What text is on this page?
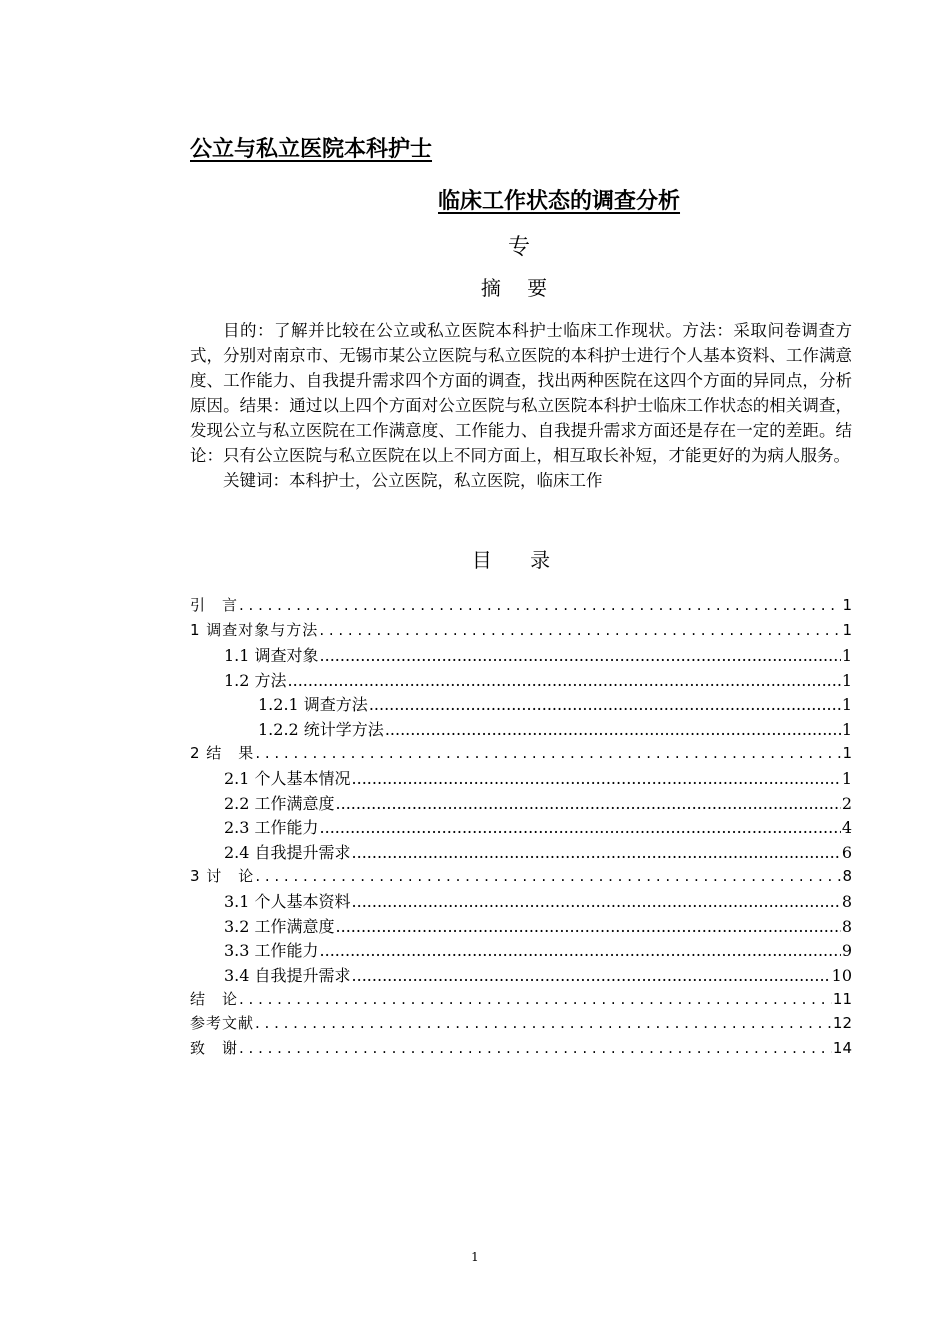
公立与私立医院本科护士
临床工作状态的调查分析
专
摘 要

目的：了解并比较在公立或私立医院本科护士临床工作现状。方法：采取问卷调查方式，分别对南京市、无锡市某公立医院与私立医院的本科护士进行个人基本资料、工作满意度、工作能力、自我提升需求四个方面的调查，找出两种医院在这四个方面的异同点，分析原因。结果：通过以上四个方面对公立医院与私立医院本科护士临床工作状态的相关调查，发现公立与私立医院在工作满意度、工作能力、自我提升需求方面还是存在一定的差距。结论：只有公立医院与私立医院在以上不同方面上，相互取长补短，才能更好的为病人服务。

关键词：本科护士，公立医院，私立医院，临床工作

目 录
引　言 . . .	1
1 调查对象与方法 . . .	1
1.1 调查对象 .....	1
1.2 方法 .....	1
1.2.1 调查方法 .....	1
1.2.2 统计学方法 .....	1
2 结　果 . . .	1
2.1 个人基本情况 .....	1
2.2 工作满意度 .....	2
2.3 工作能力 .....	4
2.4 自我提升需求 .....	6
3 讨　论 . . .	8
3.1 个人基本资料 .....	8
3.2 工作满意度 .....	8
3.3 工作能力 .....	9
3.4 自我提升需求 .....	10
结　论 . . .	11
参考文献 . . .	12
致　谢 . . .	14
1
